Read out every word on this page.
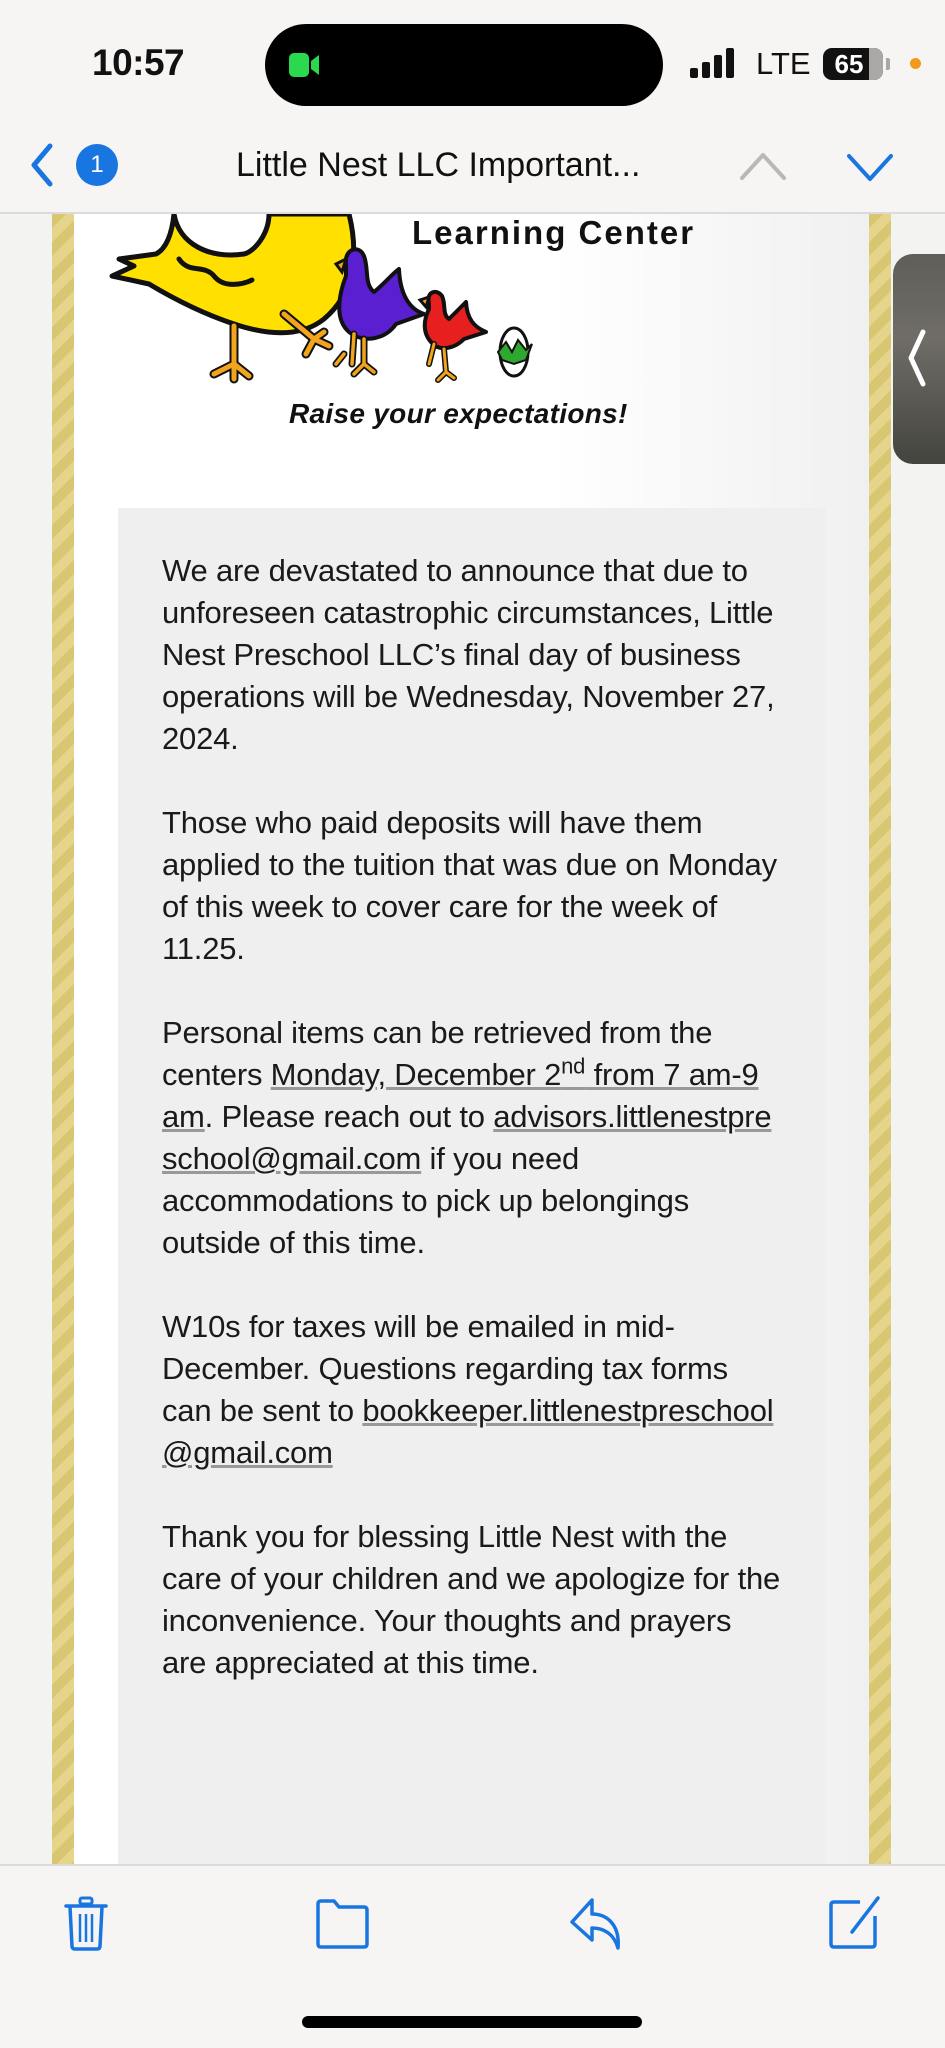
10:57	LTE 65
1	Little Nest LLC Important...
Learning Center
Raise your expectations!

We are devastated to announce that due to unforeseen catastrophic circumstances, Little Nest Preschool LLC’s final day of business operations will be Wednesday, November 27, 2024.

Those who paid deposits will have them applied to the tuition that was due on Monday of this week to cover care for the week of 11.25.

Personal items can be retrieved from the centers Monday, December 2nd from 7 am-9 am. Please reach out to advisors.littlenestpreschool@gmail.com if you need accommodations to pick up belongings outside of this time.

W10s for taxes will be emailed in mid-December. Questions regarding tax forms can be sent to bookkeeper.littlenestpreschool@gmail.com

Thank you for blessing Little Nest with the care of your children and we apologize for the inconvenience. Your thoughts and prayers are appreciated at this time.
